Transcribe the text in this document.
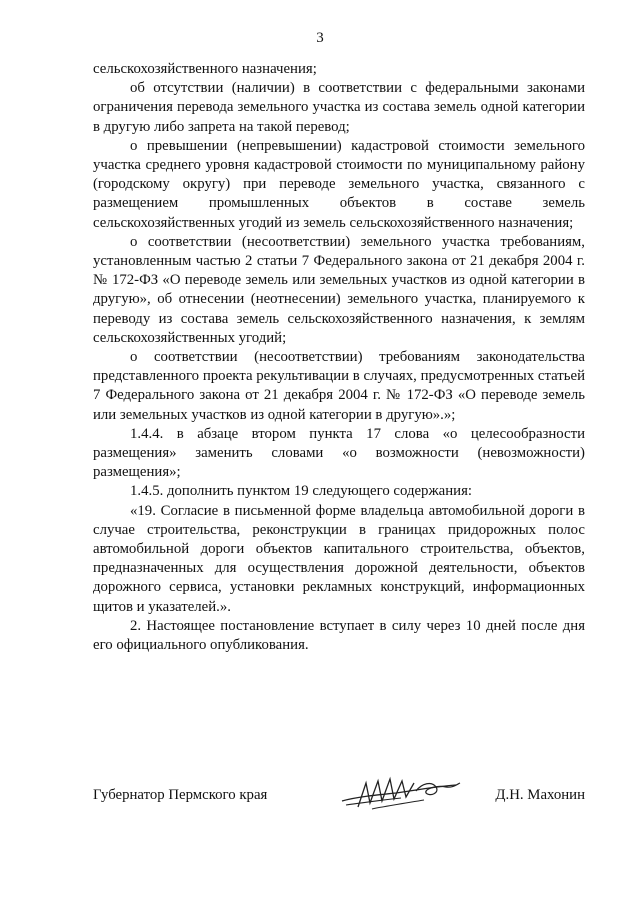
3

сельскохозяйственного назначения;

об отсутствии (наличии) в соответствии с федеральными законами ограничения перевода земельного участка из состава земель одной категории в другую либо запрета на такой перевод;

о превышении (непревышении) кадастровой стоимости земельного участка среднего уровня кадастровой стоимости по муниципальному району (городскому округу) при переводе земельного участка, связанного с размещением промышленных объектов в составе земель сельскохозяйственных угодий из земель сельскохозяйственного назначения;

о соответствии (несоответствии) земельного участка требованиям, установленным частью 2 статьи 7 Федерального закона от 21 декабря 2004 г. № 172-ФЗ «О переводе земель или земельных участков из одной категории в другую», об отнесении (неотнесении) земельного участка, планируемого к переводу из состава земель сельскохозяйственного назначения, к землям сельскохозяйственных угодий;

о соответствии (несоответствии) требованиям законодательства представленного проекта рекультивации в случаях, предусмотренных статьей 7 Федерального закона от 21 декабря 2004 г. № 172-ФЗ «О переводе земель или земельных участков из одной категории в другую».»;

1.4.4. в абзаце втором пункта 17 слова «о целесообразности размещения» заменить словами «о возможности (невозможности) размещения»;

1.4.5. дополнить пунктом 19 следующего содержания:

«19. Согласие в письменной форме владельца автомобильной дороги в случае строительства, реконструкции в границах придорожных полос автомобильной дороги объектов капитального строительства, объектов, предназначенных для осуществления дорожной деятельности, объектов дорожного сервиса, установки рекламных конструкций, информационных щитов и указателей.».

2. Настоящее постановление вступает в силу через 10 дней после дня его официального опубликования.

Губернатор Пермского края	Д.Н. Махонин
